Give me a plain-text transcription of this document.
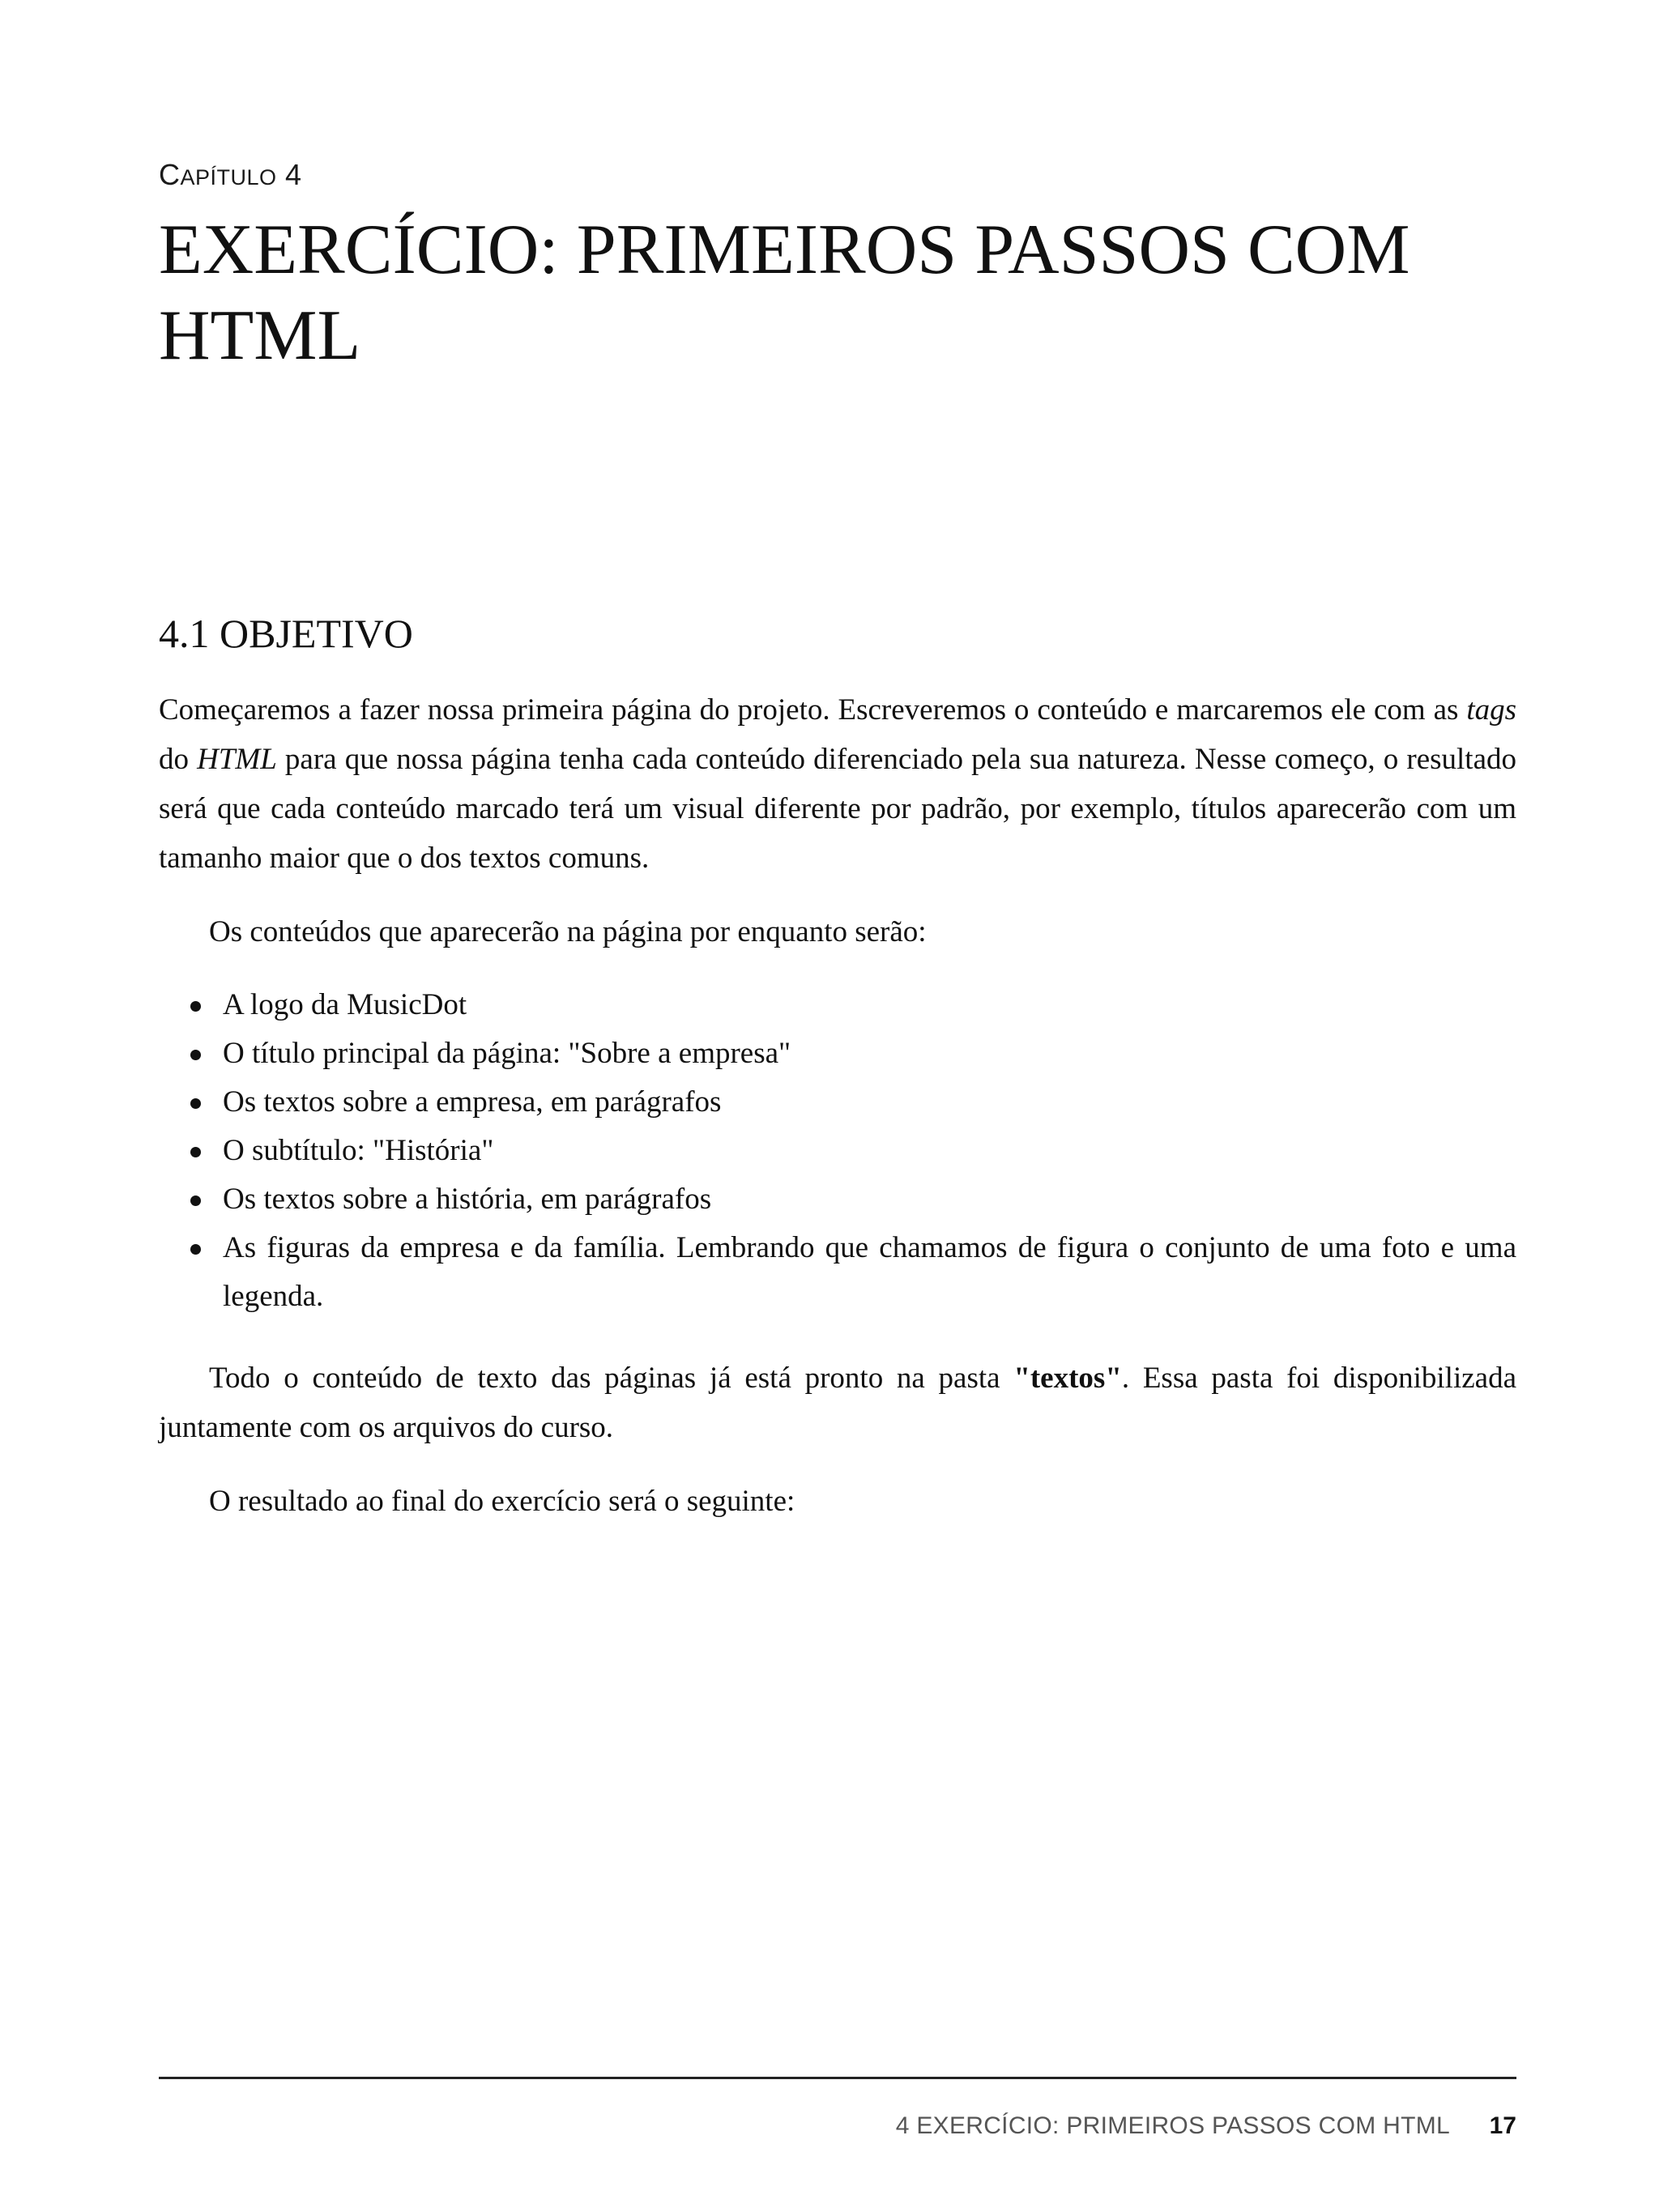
CAPÍTULO 4
EXERCÍCIO: PRIMEIROS PASSOS COM HTML
4.1 OBJETIVO

Começaremos a fazer nossa primeira página do projeto. Escreveremos o conteúdo e marcaremos ele com as tags do HTML para que nossa página tenha cada conteúdo diferenciado pela sua natureza. Nesse começo, o resultado será que cada conteúdo marcado terá um visual diferente por padrão, por exemplo, títulos aparecerão com um tamanho maior que o dos textos comuns.

Os conteúdos que aparecerão na página por enquanto serão:

A logo da MusicDot
O título principal da página: "Sobre a empresa"
Os textos sobre a empresa, em parágrafos
O subtítulo: "História"
Os textos sobre a história, em parágrafos
As figuras da empresa e da família. Lembrando que chamamos de figura o conjunto de uma foto e uma legenda.

Todo o conteúdo de texto das páginas já está pronto na pasta "textos". Essa pasta foi disponibilizada juntamente com os arquivos do curso.

O resultado ao final do exercício será o seguinte:

4 EXERCÍCIO: PRIMEIROS PASSOS COM HTML 17
